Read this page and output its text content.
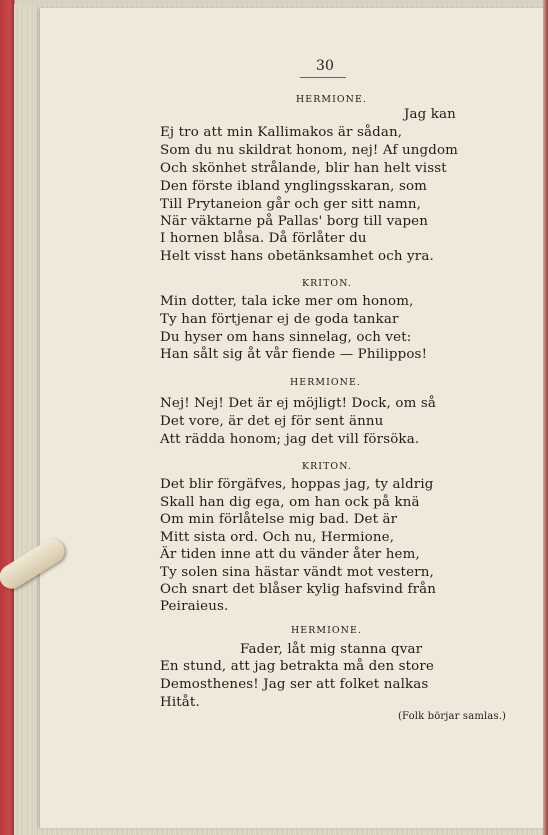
30
HERMIONE.
Jag kan
Ej tro att min Kallimakos är sådan,
Som du nu skildrat honom, nej! Af ungdom
Och skönhet strålande, blir han helt visst
Den förste ibland ynglingsskaran, som
Till Prytaneion går och ger sitt namn,
När väktarne på Pallas' borg till vapen
I hornen blåsa. Då förlåter du
Helt visst hans obetänksamhet och yra.
KRITON.
Min dotter, tala icke mer om honom,
Ty han förtjenar ej de goda tankar
Du hyser om hans sinnelag, och vet:
Han sålt sig åt vår fiende — Philippos!
HERMIONE.
Nej! Nej! Det är ej möjligt! Dock, om så
Det vore, är det ej för sent ännu
Att rädda honom; jag det vill försöka.
KRITON.
Det blir förgäfves, hoppas jag, ty aldrig
Skall han dig ega, om han ock på knä
Om min förlåtelse mig bad. Det är
Mitt sista ord. Och nu, Hermione,
Är tiden inne att du vänder åter hem,
Ty solen sina hästar vändt mot vestern,
Och snart det blåser kylig hafsvind från
Peiraieus.
HERMIONE.
Fader, låt mig stanna qvar
En stund, att jag betrakta må den store
Demosthenes! Jag ser att folket nalkas
Hitåt.
(Folk börjar samlas.)
